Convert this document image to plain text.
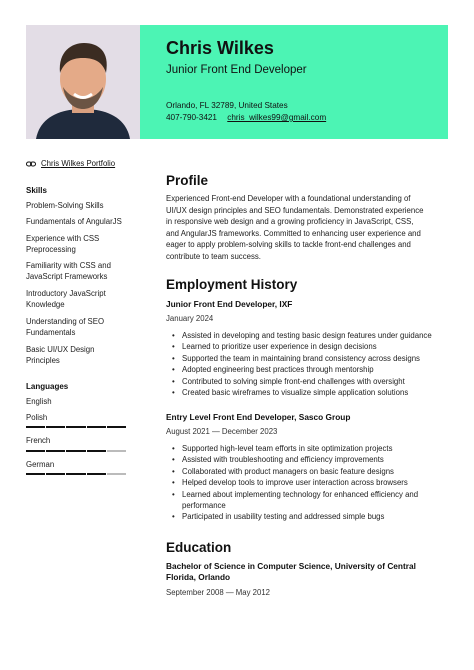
Chris Wilkes
Junior Front End Developer
Orlando, FL 32789, United States
407-790-3421 chris_wilkes99@gmail.com
Chris Wilkes Portfolio
Skills
Problem-Solving Skills
Fundamentals of AngularJS
Experience with CSS Preprocessing
Familiarity with CSS and JavaScript Frameworks
Introductory JavaScript Knowledge
Understanding of SEO Fundamentals
Basic UI/UX Design Principles
Languages
English
Polish
French
German
Profile
Experienced Front-end Developer with a foundational understanding of UI/UX design principles and SEO fundamentals. Demonstrated experience in responsive web design and a growing proficiency in JavaScript, CSS, and AngularJS frameworks. Committed to enhancing user experience and eager to apply problem-solving skills to tackle front-end challenges and contribute to team success.
Employment History
Junior Front End Developer, IXF
January 2024
• Assisted in developing and testing basic design features under guidance
• Learned to prioritize user experience in design decisions
• Supported the team in maintaining brand consistency across designs
• Adopted engineering best practices through mentorship
• Contributed to solving simple front-end challenges with oversight
• Created basic wireframes to visualize simple application solutions
Entry Level Front End Developer, Sasco Group
August 2021 — December 2023
• Supported high-level team efforts in site optimization projects
• Assisted with troubleshooting and efficiency improvements
• Collaborated with product managers on basic feature designs
• Helped develop tools to improve user interaction across browsers
• Learned about implementing technology for enhanced efficiency and performance
• Participated in usability testing and addressed simple bugs
Education
Bachelor of Science in Computer Science, University of Central Florida, Orlando
September 2008 — May 2012
